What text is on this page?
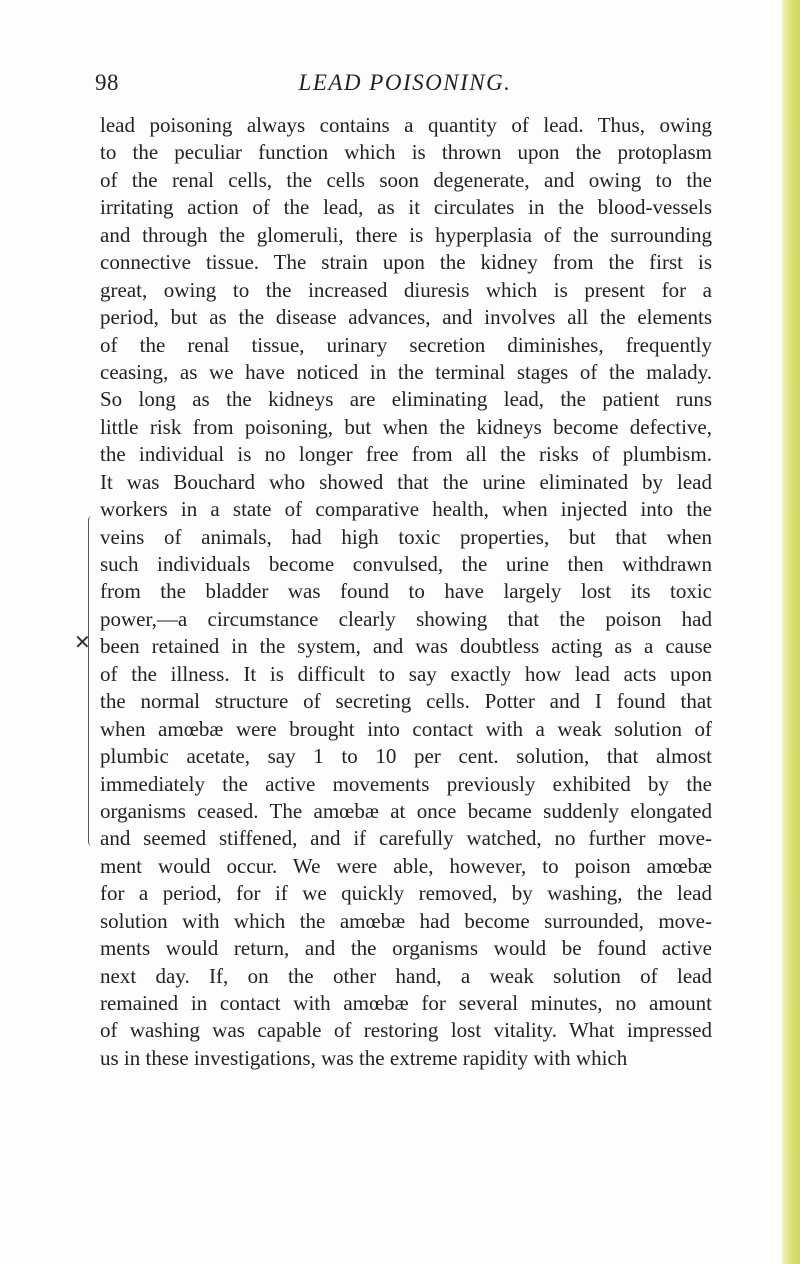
98	LEAD POISONING.
✕
lead poisoning always contains a quantity of lead. Thus, owing
to the peculiar function which is thrown upon the protoplasm
of the renal cells, the cells soon degenerate, and owing to the
irritating action of the lead, as it circulates in the blood-vessels
and through the glomeruli, there is hyperplasia of the surrounding
connective tissue. The strain upon the kidney from the first is
great, owing to the increased diuresis which is present for a
period, but as the disease advances, and involves all the elements
of the renal tissue, urinary secretion diminishes, frequently
ceasing, as we have noticed in the terminal stages of the malady.
So long as the kidneys are eliminating lead, the patient runs
little risk from poisoning, but when the kidneys become defective,
the individual is no longer free from all the risks of plumbism.
It was Bouchard who showed that the urine eliminated by lead
workers in a state of comparative health, when injected into the
veins of animals, had high toxic properties, but that when
such individuals become convulsed, the urine then withdrawn
from the bladder was found to have largely lost its toxic
power,—a circumstance clearly showing that the poison had
been retained in the system, and was doubtless acting as a cause
of the illness. It is difficult to say exactly how lead acts upon
the normal structure of secreting cells. Potter and I found that
when amœbæ were brought into contact with a weak solution of
plumbic acetate, say 1 to 10 per cent. solution, that almost
immediately the active movements previously exhibited by the
organisms ceased. The amœbæ at once became suddenly elongated
and seemed stiffened, and if carefully watched, no further move-
ment would occur. We were able, however, to poison amœbæ
for a period, for if we quickly removed, by washing, the lead
solution with which the amœbæ had become surrounded, move-
ments would return, and the organisms would be found active
next day. If, on the other hand, a weak solution of lead
remained in contact with amœbæ for several minutes, no amount
of washing was capable of restoring lost vitality. What impressed
us in these investigations, was the extreme rapidity with which
